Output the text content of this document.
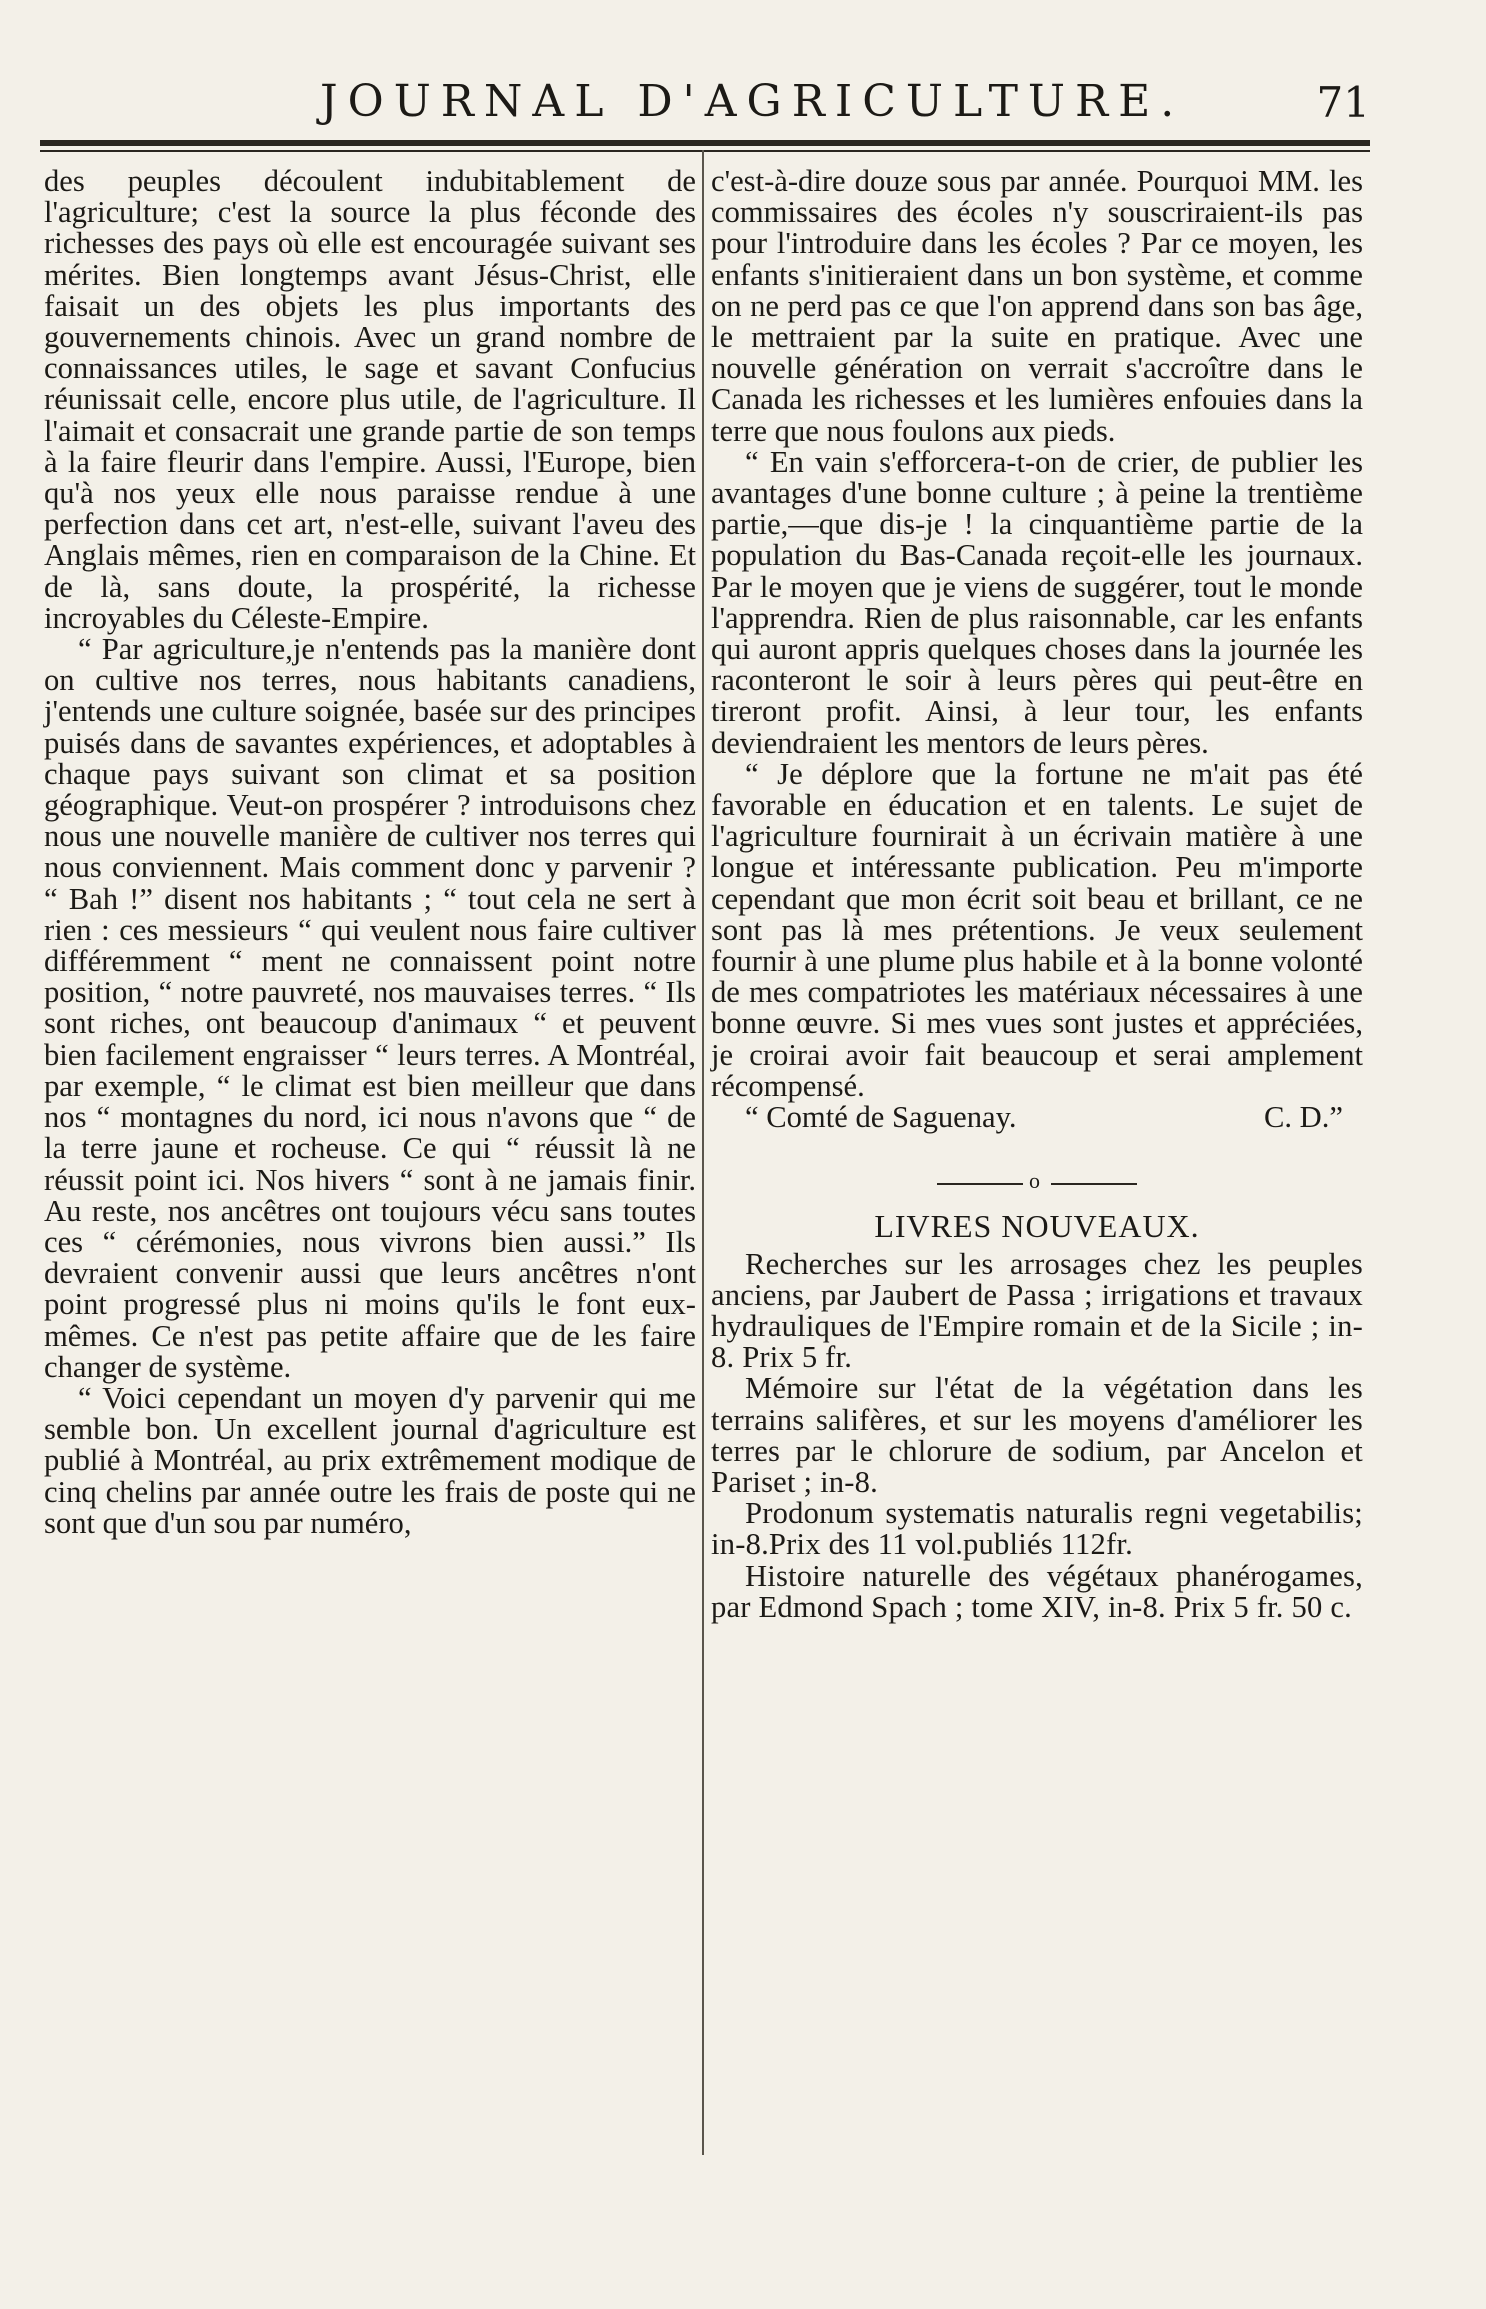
JOURNAL D'AGRICULTURE.	71

des peuples découlent indubitablement de l'agriculture; c'est la source la plus féconde des richesses des pays où elle est encouragée suivant ses mérites. Bien longtemps avant Jésus-Christ, elle faisait un des objets les plus importants des gouvernements chinois. Avec un grand nombre de connaissances utiles, le sage et savant Confucius réunissait celle, encore plus utile, de l'agriculture. Il l'aimait et consacrait une grande partie de son temps à la faire fleurir dans l'empire. Aussi, l'Europe, bien qu'à nos yeux elle nous paraisse rendue à une perfection dans cet art, n'est-elle, suivant l'aveu des Anglais mêmes, rien en comparaison de la Chine. Et de là, sans doute, la prospérité, la richesse incroyables du Céleste-Empire.

“ Par agriculture,je n'entends pas la manière dont on cultive nos terres, nous habitants canadiens, j'entends une culture soignée, basée sur des principes puisés dans de savantes expériences, et adoptables à chaque pays suivant son climat et sa position géographique. Veut-on prospérer ? introduisons chez nous une nouvelle manière de cultiver nos terres qui nous conviennent. Mais comment donc y parvenir ? “ Bah !” disent nos habitants ; “ tout cela ne sert à rien : ces messieurs “ qui veulent nous faire cultiver différemment “ ment ne connaissent point notre position, “ notre pauvreté, nos mauvaises terres. “ Ils sont riches, ont beaucoup d'animaux “ et peuvent bien facilement engraisser “ leurs terres. A Montréal, par exemple, “ le climat est bien meilleur que dans nos “ montagnes du nord, ici nous n'avons que “ de la terre jaune et rocheuse. Ce qui “ réussit là ne réussit point ici. Nos hivers “ sont à ne jamais finir. Au reste, nos ancêtres ont toujours vécu sans toutes ces “ cérémonies, nous vivrons bien aussi.” Ils devraient convenir aussi que leurs ancêtres n'ont point progressé plus ni moins qu'ils le font eux-mêmes. Ce n'est pas petite affaire que de les faire changer de système.

“ Voici cependant un moyen d'y parvenir qui me semble bon. Un excellent journal d'agriculture est publié à Montréal, au prix extrêmement modique de cinq chelins par année outre les frais de poste qui ne sont que d'un sou par numéro,

c'est-à-dire douze sous par année. Pourquoi MM. les commissaires des écoles n'y souscriraient-ils pas pour l'introduire dans les écoles ? Par ce moyen, les enfants s'initieraient dans un bon système, et comme on ne perd pas ce que l'on apprend dans son bas âge, le mettraient par la suite en pratique. Avec une nouvelle génération on verrait s'accroître dans le Canada les richesses et les lumières enfouies dans la terre que nous foulons aux pieds.

“ En vain s'efforcera-t-on de crier, de publier les avantages d'une bonne culture ; à peine la trentième partie,—que dis-je ! la cinquantième partie de la population du Bas-Canada reçoit-elle les journaux. Par le moyen que je viens de suggérer, tout le monde l'apprendra. Rien de plus raisonnable, car les enfants qui auront appris quelques choses dans la journée les raconteront le soir à leurs pères qui peut-être en tireront profit. Ainsi, à leur tour, les enfants deviendraient les mentors de leurs pères.

“ Je déplore que la fortune ne m'ait pas été favorable en éducation et en talents. Le sujet de l'agriculture fournirait à un écrivain matière à une longue et intéressante publication. Peu m'importe cependant que mon écrit soit beau et brillant, ce ne sont pas là mes prétentions. Je veux seulement fournir à une plume plus habile et à la bonne volonté de mes compatriotes les matériaux nécessaires à une bonne œuvre. Si mes vues sont justes et appréciées, je croirai avoir fait beaucoup et serai amplement récompensé.

“ Comté de Saguenay.	C. D.”
o
LIVRES NOUVEAUX.

Recherches sur les arrosages chez les peuples anciens, par Jaubert de Passa ; irrigations et travaux hydrauliques de l'Empire romain et de la Sicile ; in-8. Prix 5 fr.

Mémoire sur l'état de la végétation dans les terrains salifères, et sur les moyens d'améliorer les terres par le chlorure de sodium, par Ancelon et Pariset ; in-8.

Prodonum systematis naturalis regni vegetabilis; in-8.Prix des 11 vol.publiés 112fr.

Histoire naturelle des végétaux phanérogames, par Edmond Spach ; tome XIV, in-8. Prix 5 fr. 50 c.
